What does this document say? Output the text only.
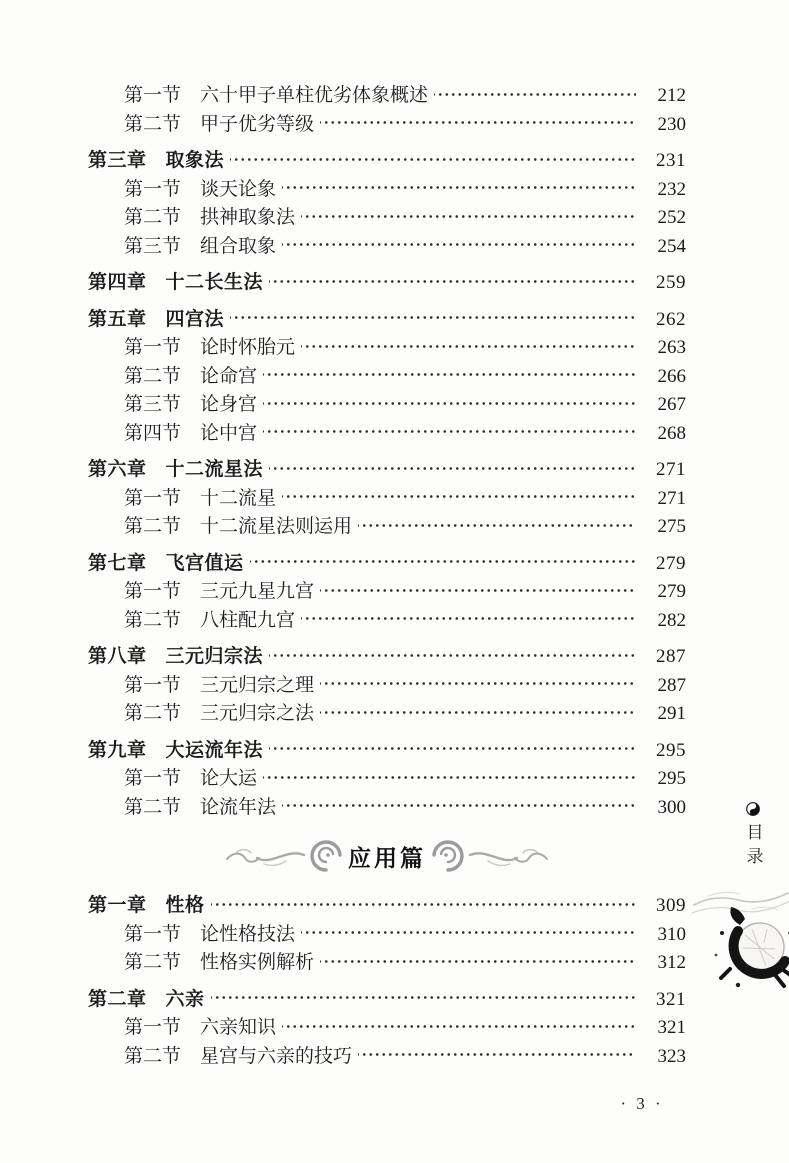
第一节 六十甲子单柱优劣体象概述	212
第二节 甲子优劣等级	230
第三章 取象法	231
第一节 谈天论象	232
第二节 拱神取象法	252
第三节 组合取象	254
第四章 十二长生法	259
第五章 四宫法	262
第一节 论时怀胎元	263
第二节 论命宫	266
第三节 论身宫	267
第四节 论中宫	268
第六章 十二流星法	271
第一节 十二流星	271
第二节 十二流星法则运用	275
第七章 飞宫值运	279
第一节 三元九星九宫	279
第二节 八柱配九宫	282
第八章 三元归宗法	287
第一节 三元归宗之理	287
第二节 三元归宗之法	291
第九章 大运流年法	295
第一节 论大运	295
第二节 论流年法	300
应用篇
第一章 性格	309
第一节 论性格技法	310
第二节 性格实例解析	312
第二章 六亲	321
第一节 六亲知识	321
第二节 星宫与六亲的技巧	323
目录
· 3 ·
